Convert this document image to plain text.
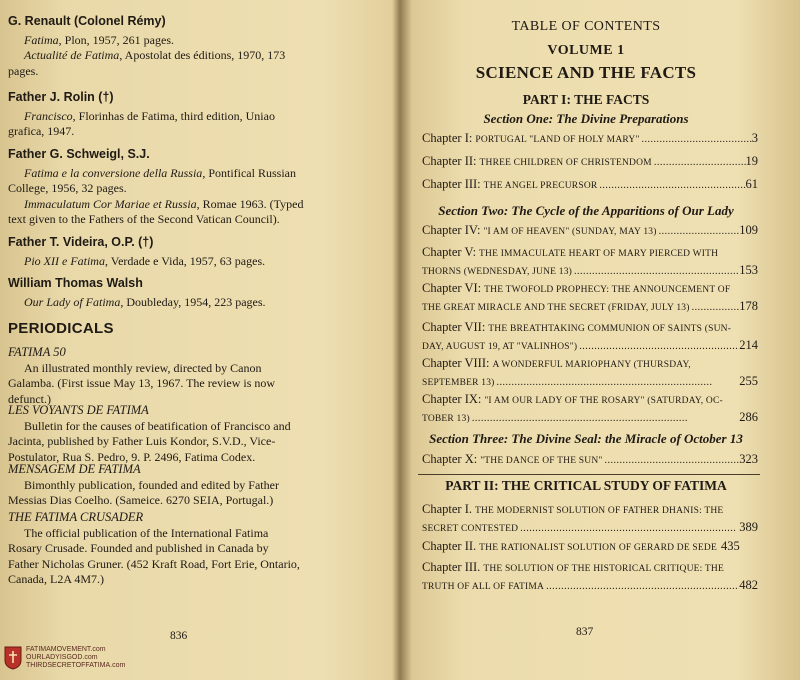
G. Renault (Colonel Rémy)
Fatima, Plon, 1957, 261 pages.
Actualité de Fatima, Apostolat des éditions, 1970, 173
pages.
Father J. Rolin (†)
Francisco, Florinhas de Fatima, third edition, Uniao
grafica, 1947.
Father G. Schweigl, S.J.
Fatima e la conversione della Russia, Pontifical Russian
College, 1956, 32 pages.
Immaculatum Cor Mariae et Russia, Romae 1963. (Typed
text given to the Fathers of the Second Vatican Council).
Father T. Videira, O.P. (†)
Pio XII e Fatima, Verdade e Vida, 1957, 63 pages.
William Thomas Walsh
Our Lady of Fatima, Doubleday, 1954, 223 pages.
PERIODICALS
FATIMA 50
An illustrated monthly review, directed by Canon
Galamba. (First issue May 13, 1967. The review is now
defunct.)
LES VOYANTS DE FATIMA
Bulletin for the causes of beatification of Francisco and
Jacinta, published by Father Luis Kondor, S.V.D., Vice-
Postulator, Rua S. Pedro, 9. P. 2496, Fatima Codex.
MENSAGEM DE FATIMA
Bimonthly publication, founded and edited by Father
Messias Dias Coelho. (Sameice. 6270 SEIA, Portugal.)
THE FATIMA CRUSADER
The official publication of the International Fatima
Rosary Crusade. Founded and published in Canada by
Father Nicholas Gruner. (452 Kraft Road, Fort Erie, Ontario,
Canada, L2A 4M7.)
836
TABLE OF CONTENTS
VOLUME 1
SCIENCE AND THE FACTS
PART I: THE FACTS
Section One: The Divine Preparations
Chapter I:
PORTUGAL "LAND OF HOLY MARY" . . .	3
Chapter II:
THREE CHILDREN OF CHRISTENDOM . . .	19
Chapter III:
THE ANGEL PRECURSOR . . .	61
Section Two: The Cycle of the Apparitions of Our Lady
Chapter IV:
"I AM OF HEAVEN" (SUNDAY, MAY 13) . . .	109
Chapter V: THE IMMACULATE HEART OF MARY PIERCED WITH
THORNS (WEDNESDAY, JUNE 13) . . .	153
Chapter VI: THE TWOFOLD PROPHECY: THE ANNOUNCEMENT OF
THE GREAT MIRACLE AND THE SECRET (FRIDAY, JULY 13) . . .	178
Chapter VII: THE BREATHTAKING COMMUNION OF SAINTS (SUN-
DAY, AUGUST 19, AT "VALINHOS") . . .	214
Chapter VIII: A WONDERFUL MARIOPHANY (THURSDAY,
SEPTEMBER 13) . . .	255
Chapter IX: "I AM OUR LADY OF THE ROSARY" (SATURDAY, OC-
TOBER 13) . . .	286
Section Three: The Divine Seal: the Miracle of October 13
Chapter X:
"THE DANCE OF THE SUN" . . .	323
PART II: THE CRITICAL STUDY OF FATIMA
Chapter I. THE MODERNIST SOLUTION OF FATHER DHANIS: THE
SECRET CONTESTED . . .	389
Chapter II.
THE RATIONALIST SOLUTION OF GERARD DE SEDE 435
Chapter III. THE SOLUTION OF THE HISTORICAL CRITIQUE: THE
TRUTH OF ALL OF FATIMA . . .	482
837
FATIMAMOVEMENT.com
OURLADYISGOD.com
THIRDSECRETOFFATIMA.com
